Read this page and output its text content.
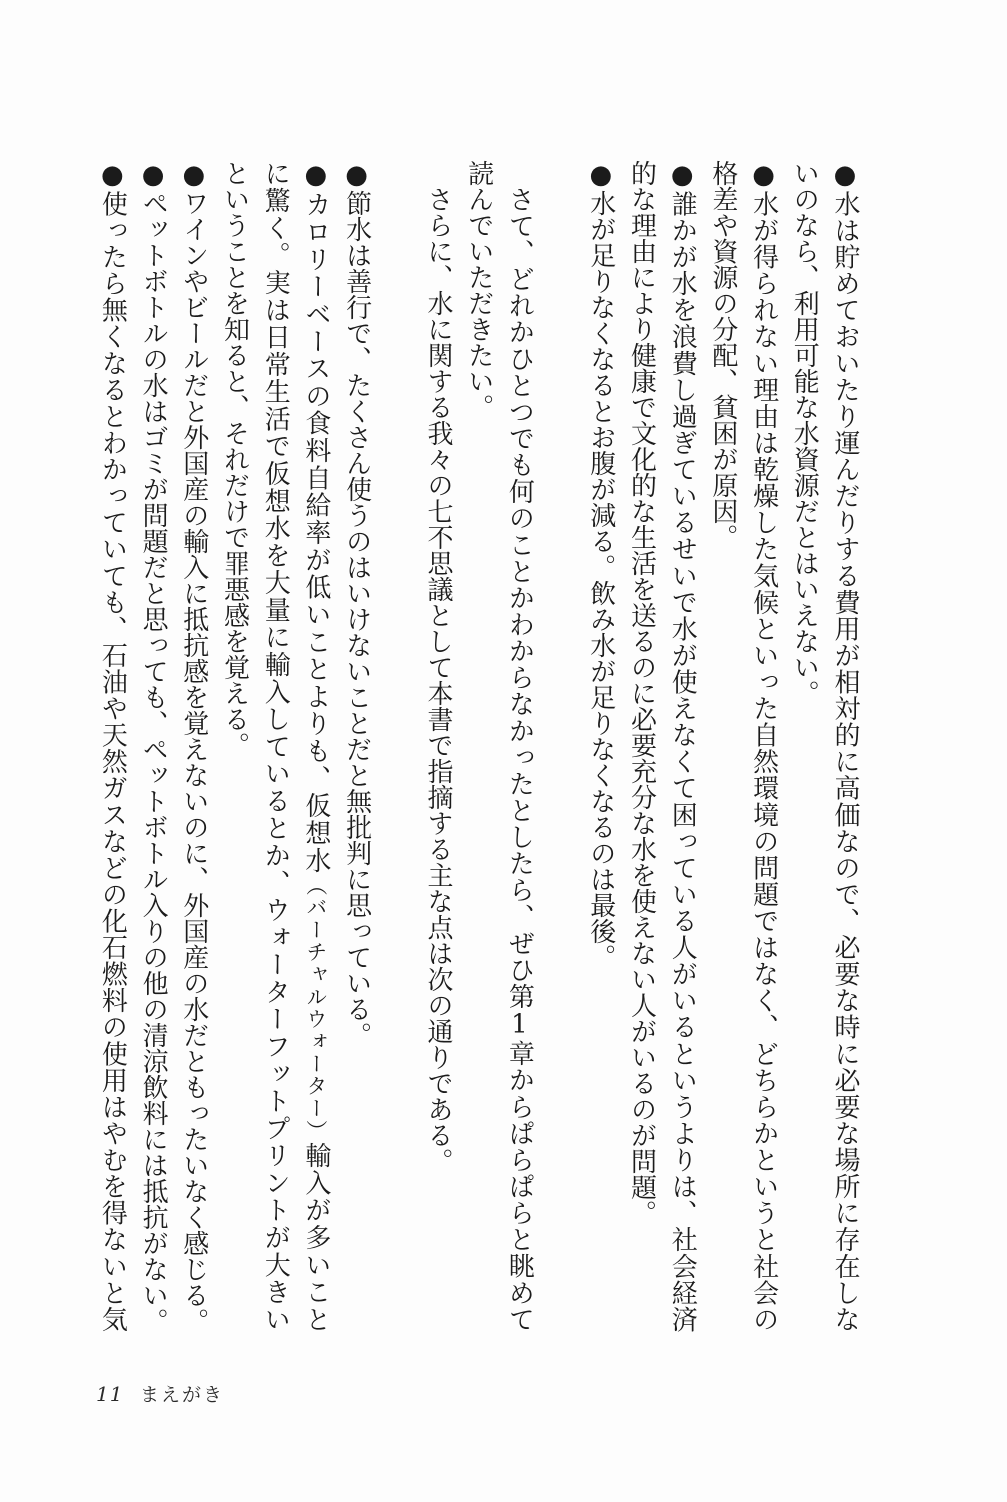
●水は貯めておいたり運んだりする費用が相対的に高価なので、必要な時に必要な場所に存在しな
いのなら、利用可能な水資源だとはいえない。
●水が得られない理由は乾燥した気候といった自然環境の問題ではなく、どちらかというと社会の
格差や資源の分配、貧困が原因。
●誰かが水を浪費し過ぎているせいで水が使えなくて困っている人がいるというよりは、社会経済
的な理由により健康で文化的な生活を送るのに必要充分な水を使えない人がいるのが問題。
●水が足りなくなるとお腹が減る。飲み水が足りなくなるのは最後。
さて、どれかひとつでも何のことかわからなかったとしたら、ぜひ第1章からぱらぱらと眺めて
読んでいただきたい。
さらに、水に関する我々の七不思議として本書で指摘する主な点は次の通りである。
●節水は善行で、たくさん使うのはいけないことだと無批判に思っている。
●カロリーベースの食料自給率が低いことよりも、仮想水（バーチャルウォーター）輸入が多いこと
に驚く。実は日常生活で仮想水を大量に輸入しているとか、ウォーターフットプリントが大きい
ということを知ると、それだけで罪悪感を覚える。
●ワインやビールだと外国産の輸入に抵抗感を覚えないのに、外国産の水だともったいなく感じる。
●ペットボトルの水はゴミが問題だと思っても、ペットボトル入りの他の清涼飲料には抵抗がない。
●使ったら無くなるとわかっていても、石油や天然ガスなどの化石燃料の使用はやむを得ないと気
11 まえがき
